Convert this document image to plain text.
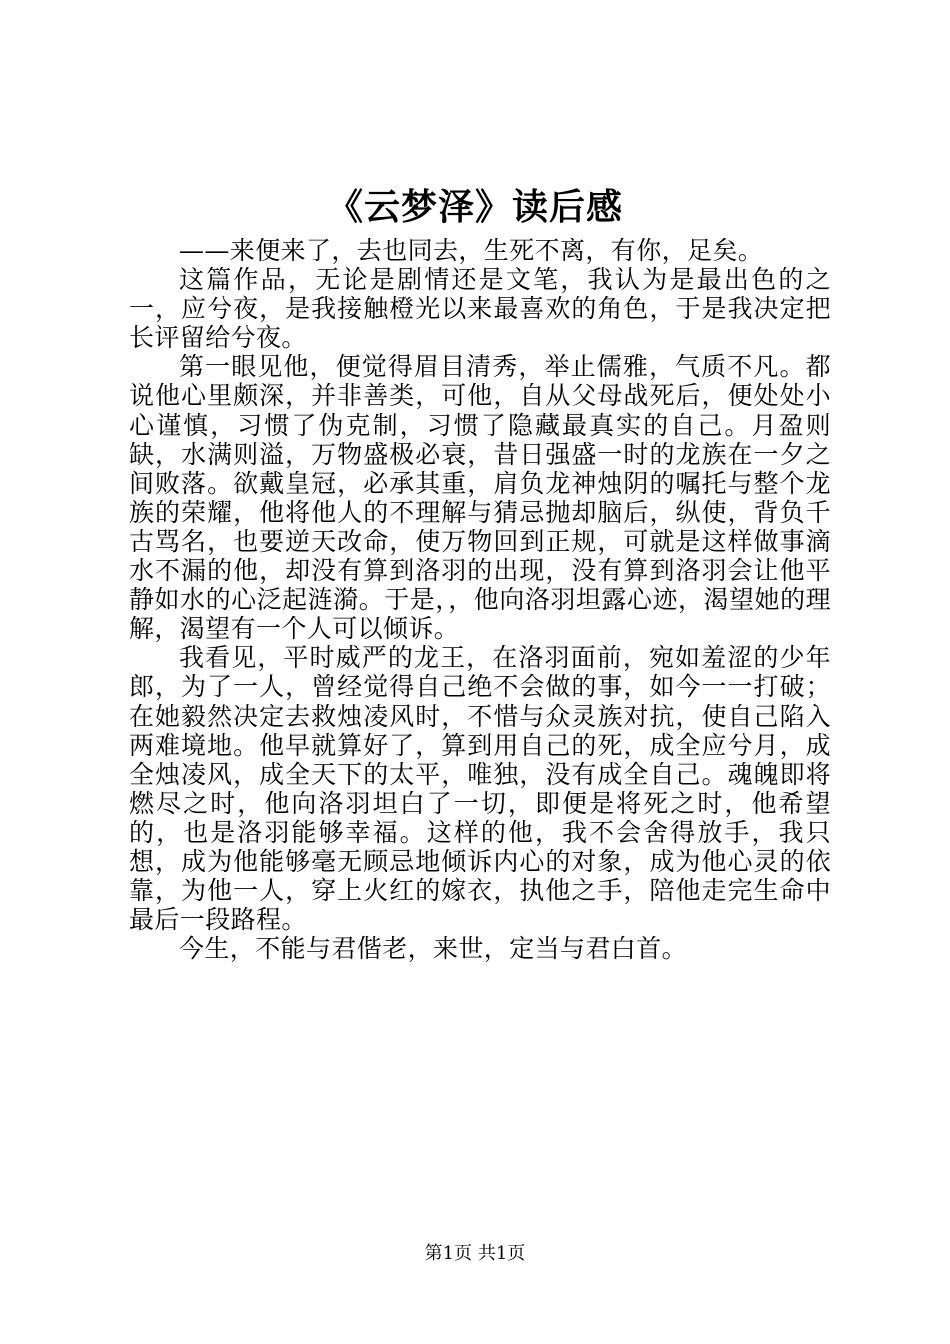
《云梦泽》读后感

——来便来了，去也同去，生死不离，有你，足矣。

这篇作品，无论是剧情还是文笔，我认为是最出色的之一，应兮夜，是我接触橙光以来最喜欢的角色，于是我决定把长评留给兮夜。

第一眼见他，便觉得眉目清秀，举止儒雅，气质不凡。都说他心里颇深，并非善类，可他，自从父母战死后，便处处小心谨慎，习惯了伪克制，习惯了隐藏最真实的自己。月盈则缺，水满则溢，万物盛极必衰，昔日强盛一时的龙族在一夕之间败落。欲戴皇冠，必承其重，肩负龙神烛阴的嘱托与整个龙族的荣耀，他将他人的不理解与猜忌抛却脑后，纵使，背负千古骂名，也要逆天改命，使万物回到正规，可就是这样做事滴水不漏的他，却没有算到洛羽的出现，没有算到洛羽会让他平静如水的心泛起涟漪。于是，，他向洛羽坦露心迹，渴望她的理解，渴望有一个人可以倾诉。

我看见，平时威严的龙王，在洛羽面前，宛如羞涩的少年郎，为了一人，曾经觉得自己绝不会做的事，如今一一打破；在她毅然决定去救烛凌风时，不惜与众灵族对抗，使自己陷入两难境地。他早就算好了，算到用自己的死，成全应兮月，成全烛凌风，成全天下的太平，唯独，没有成全自己。魂魄即将燃尽之时，他向洛羽坦白了一切，即便是将死之时，他希望的，也是洛羽能够幸福。这样的他，我不会舍得放手，我只想，成为他能够毫无顾忌地倾诉内心的对象，成为他心灵的依靠，为他一人，穿上火红的嫁衣，执他之手，陪他走完生命中最后一段路程。

今生，不能与君偕老，来世，定当与君白首。

第1页 共1页
